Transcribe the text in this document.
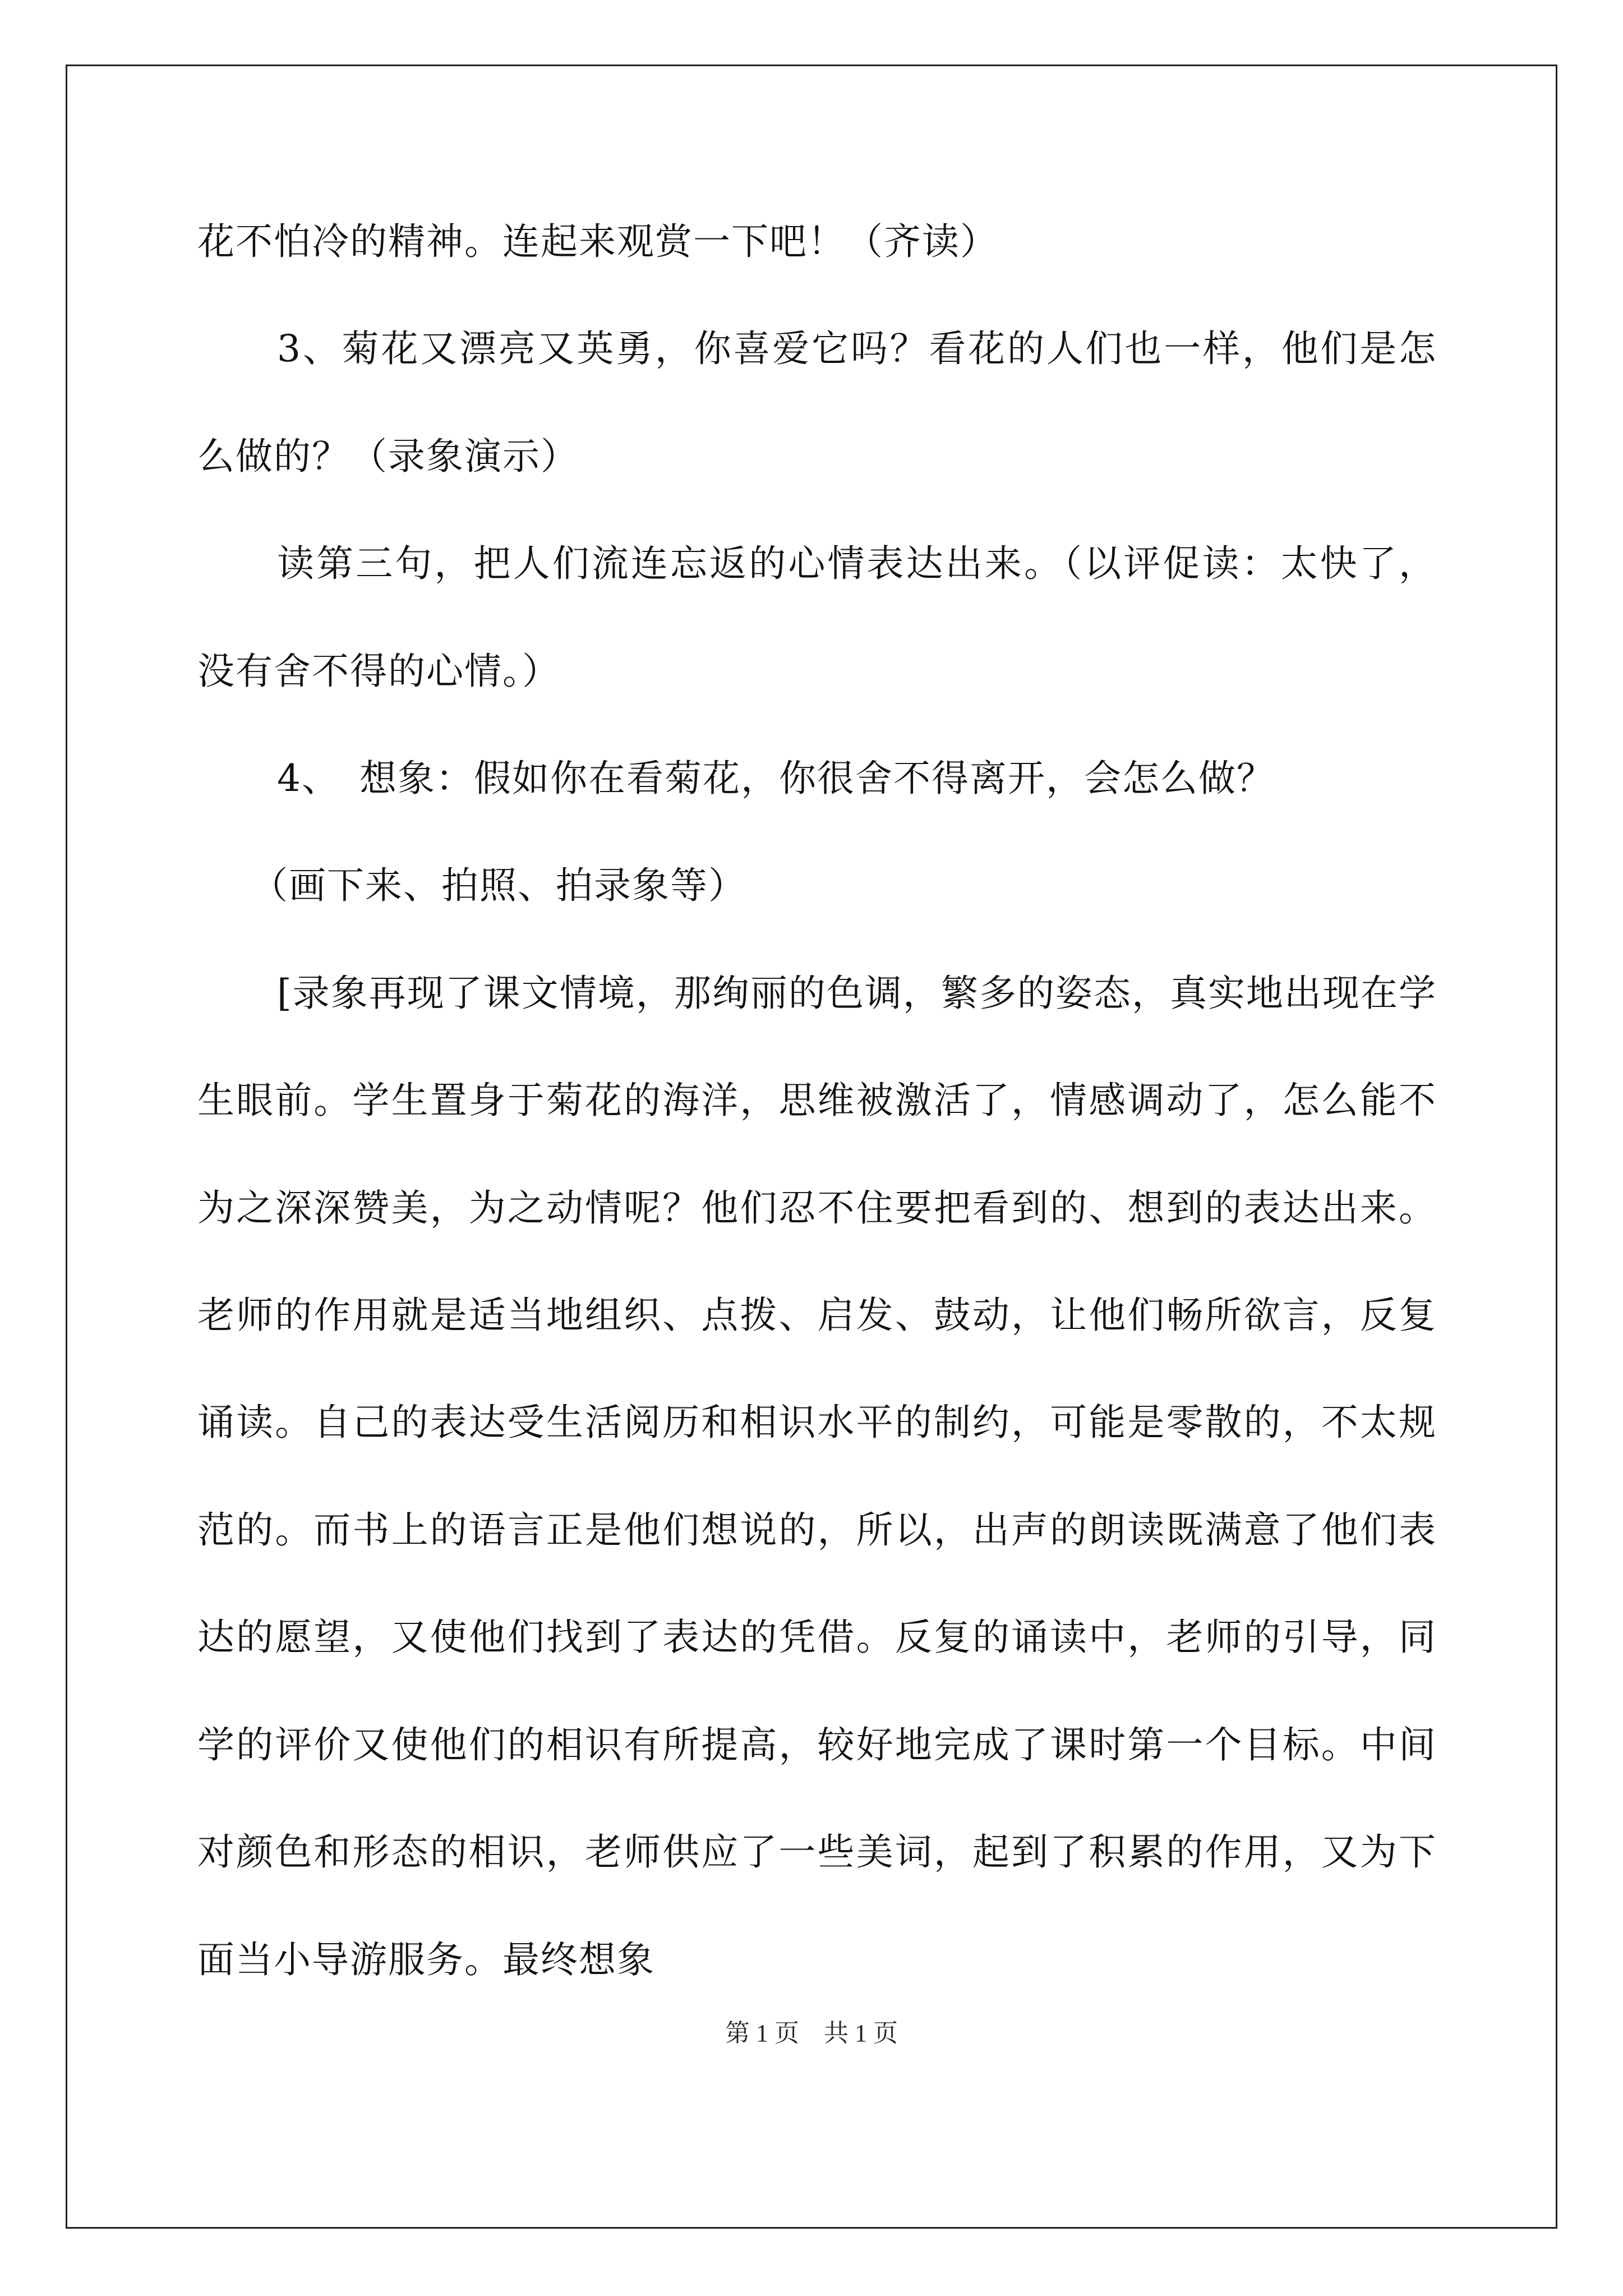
花不怕冷的精神。连起来观赏一下吧！（齐读）

3、菊花又漂亮又英勇，你喜爱它吗？看花的人们也一样，他们是怎么做的？（录象演示）

读第三句，把人们流连忘返的心情表达出来。（以评促读：太快了，没有舍不得的心情。）

4、　想象：假如你在看菊花，你很舍不得离开，会怎么做？

（画下来、拍照、拍录象等）

[录象再现了课文情境，那绚丽的色调，繁多的姿态，真实地出现在学生眼前。学生置身于菊花的海洋，思维被激活了，情感调动了，怎么能不为之深深赞美，为之动情呢？他们忍不住要把看到的、想到的表达出来。老师的作用就是适当地组织、点拨、启发、鼓动，让他们畅所欲言，反复诵读。自己的表达受生活阅历和相识水平的制约，可能是零散的，不太规范的。而书上的语言正是他们想说的，所以，出声的朗读既满意了他们表达的愿望，又使他们找到了表达的凭借。反复的诵读中，老师的引导，同学的评价又使他们的相识有所提高，较好地完成了课时第一个目标。中间对颜色和形态的相识，老师供应了一些美词，起到了积累的作用，又为下面当小导游服务。最终想象

第 1 页　共 1 页
